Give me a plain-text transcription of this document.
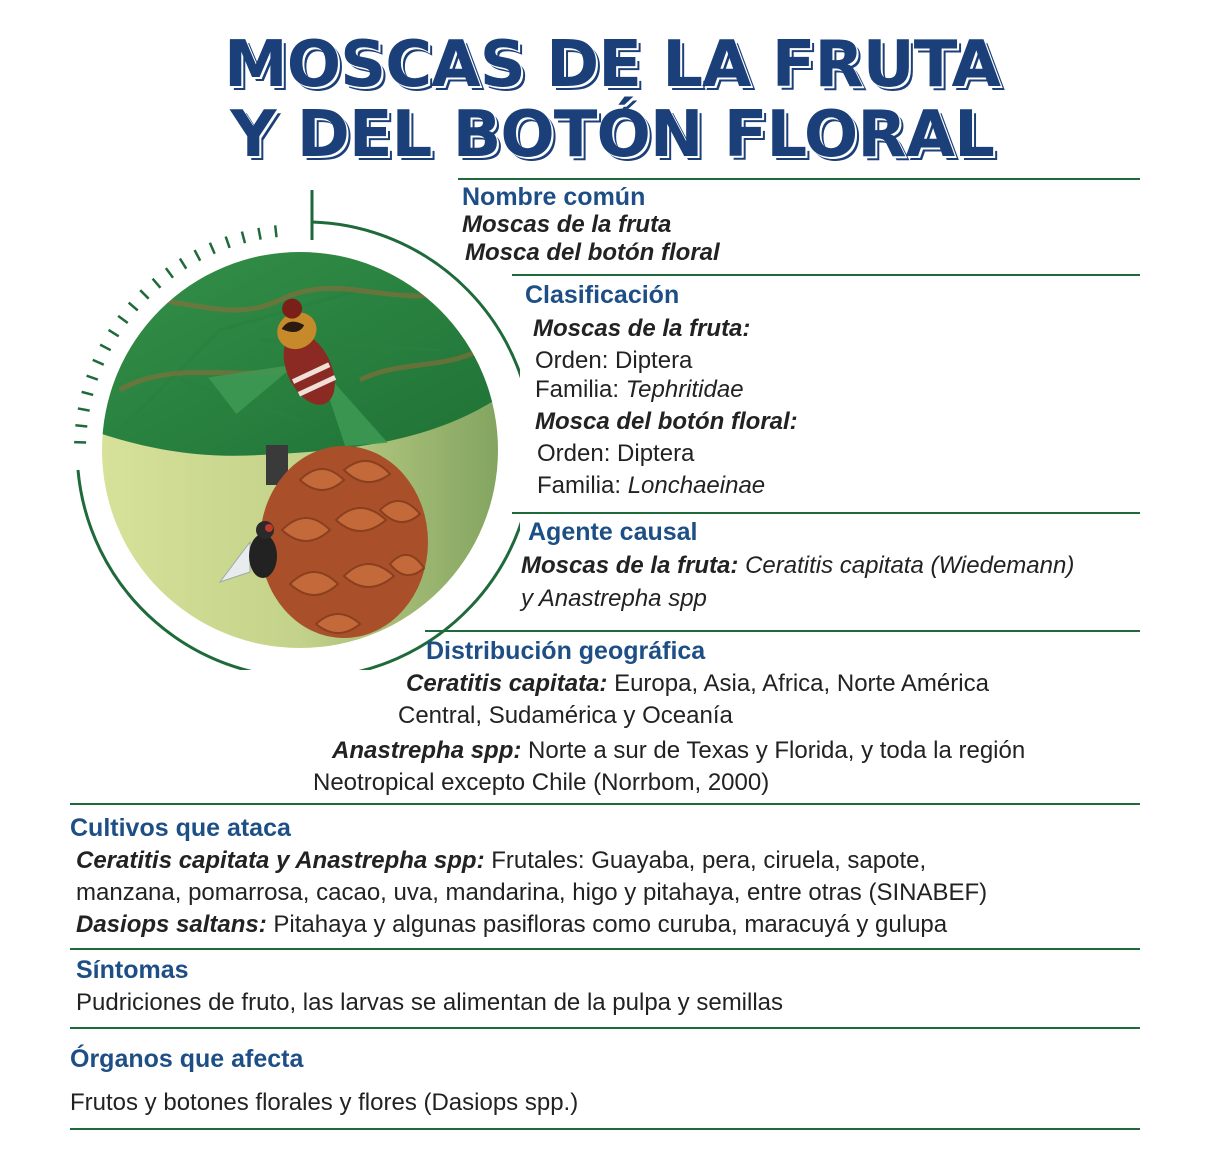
MOSCAS DE LA FRUTA
Y DEL BOTÓN FLORAL
Nombre común
Moscas de la fruta
Mosca del botón floral
Clasificación
Moscas de la fruta:
Orden: Diptera
Familia: Tephritidae
Mosca del botón floral:
Orden: Diptera
Familia: Lonchaeinae
Agente causal
Moscas de la fruta: Ceratitis capitata (Wiedemann)
y Anastrepha spp
Distribución geográfica
Ceratitis capitata: Europa, Asia, Africa, Norte América
Central, Sudamérica y Oceanía
Anastrepha spp: Norte a sur de Texas y Florida, y toda la región
Neotropical excepto Chile (Norrbom, 2000)
Cultivos que ataca
Ceratitis capitata y Anastrepha spp: Frutales: Guayaba, pera, ciruela, sapote,
manzana, pomarrosa, cacao, uva, mandarina, higo y pitahaya, entre otras (SINABEF)
Dasiops saltans: Pitahaya y algunas pasifloras como curuba, maracuyá y gulupa
Síntomas
Pudriciones de fruto, las larvas se alimentan de la pulpa y semillas
Órganos que afecta
Frutos y botones florales y flores (Dasiops spp.)
